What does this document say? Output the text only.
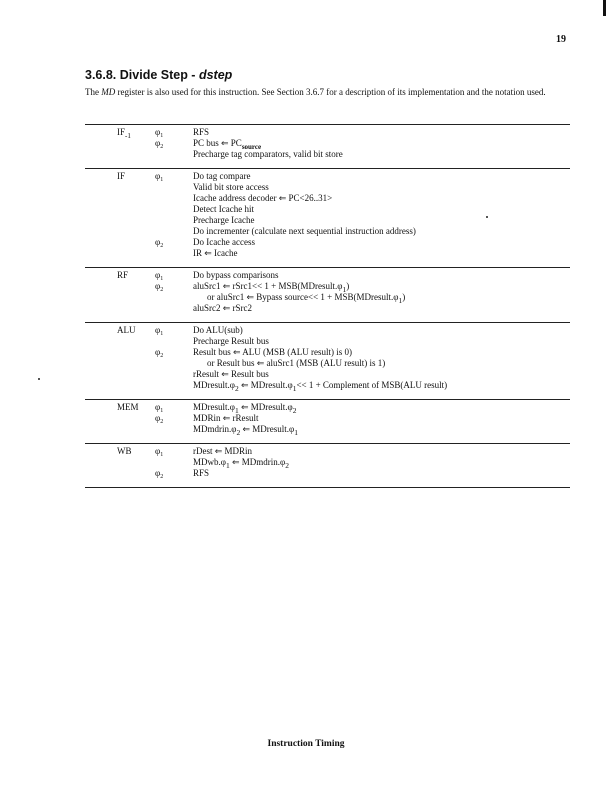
19
3.6.8. Divide Step - dstep
The MD register is also used for this instruction. See Section 3.6.7 for a description of its implementation and the notation used.
$IF_{-1}$	$\varphi_1$	RFS
$\varphi_2$	PC bus ⇐ $PC_{source}$
Precharge tag comparators, valid bit store
IF	$\varphi_1$	Do tag compare
Valid bit store access
Icache address decoder ⇐ PC<26..31>
Detect Icache hit
Precharge Icache
Do incrementer (calculate next sequential instruction address)
$\varphi_2$	Do Icache access
IR ⇐ Icache
RF	$\varphi_1$	Do bypass comparisons
$\varphi_2$	aluSrc1 ⇐ rSrc1<< $1 + MSB(MDresult.\varphi_1)$
or aluSrc1 ⇐ Bypass source<< $1 + MSB(MDresult.\varphi_1)$
aluSrc2 ⇐ rSrc2
ALU $\varphi_1$	Do ALU(sub)
Precharge Result bus
$\varphi_2$	Result bus ⇐ ALU (MSB (ALU result) is 0)
or Result bus ⇐ aluSrc1 (MSB (ALU result) is 1)
rResult ⇐ Result bus
$MDresult.\varphi_2$ ⇐ $MDresult.\varphi_1<< 1$ + Complement of MSB(ALU result)
MEM $\varphi_1$	$MDresult.\varphi_1$ ⇐ $MDresult.\varphi_2$
$\varphi_2$	MDRin ⇐ rResult
$MDmdrin.\varphi_2$ ⇐ $MDresult.\varphi_1$
WB	$\varphi_1$	rDest ⇐ MDRin
$MDwb.\varphi_1$ ⇐ $MDmdrin.\varphi_2$
$\varphi_2$	RFS
Instruction Timing
